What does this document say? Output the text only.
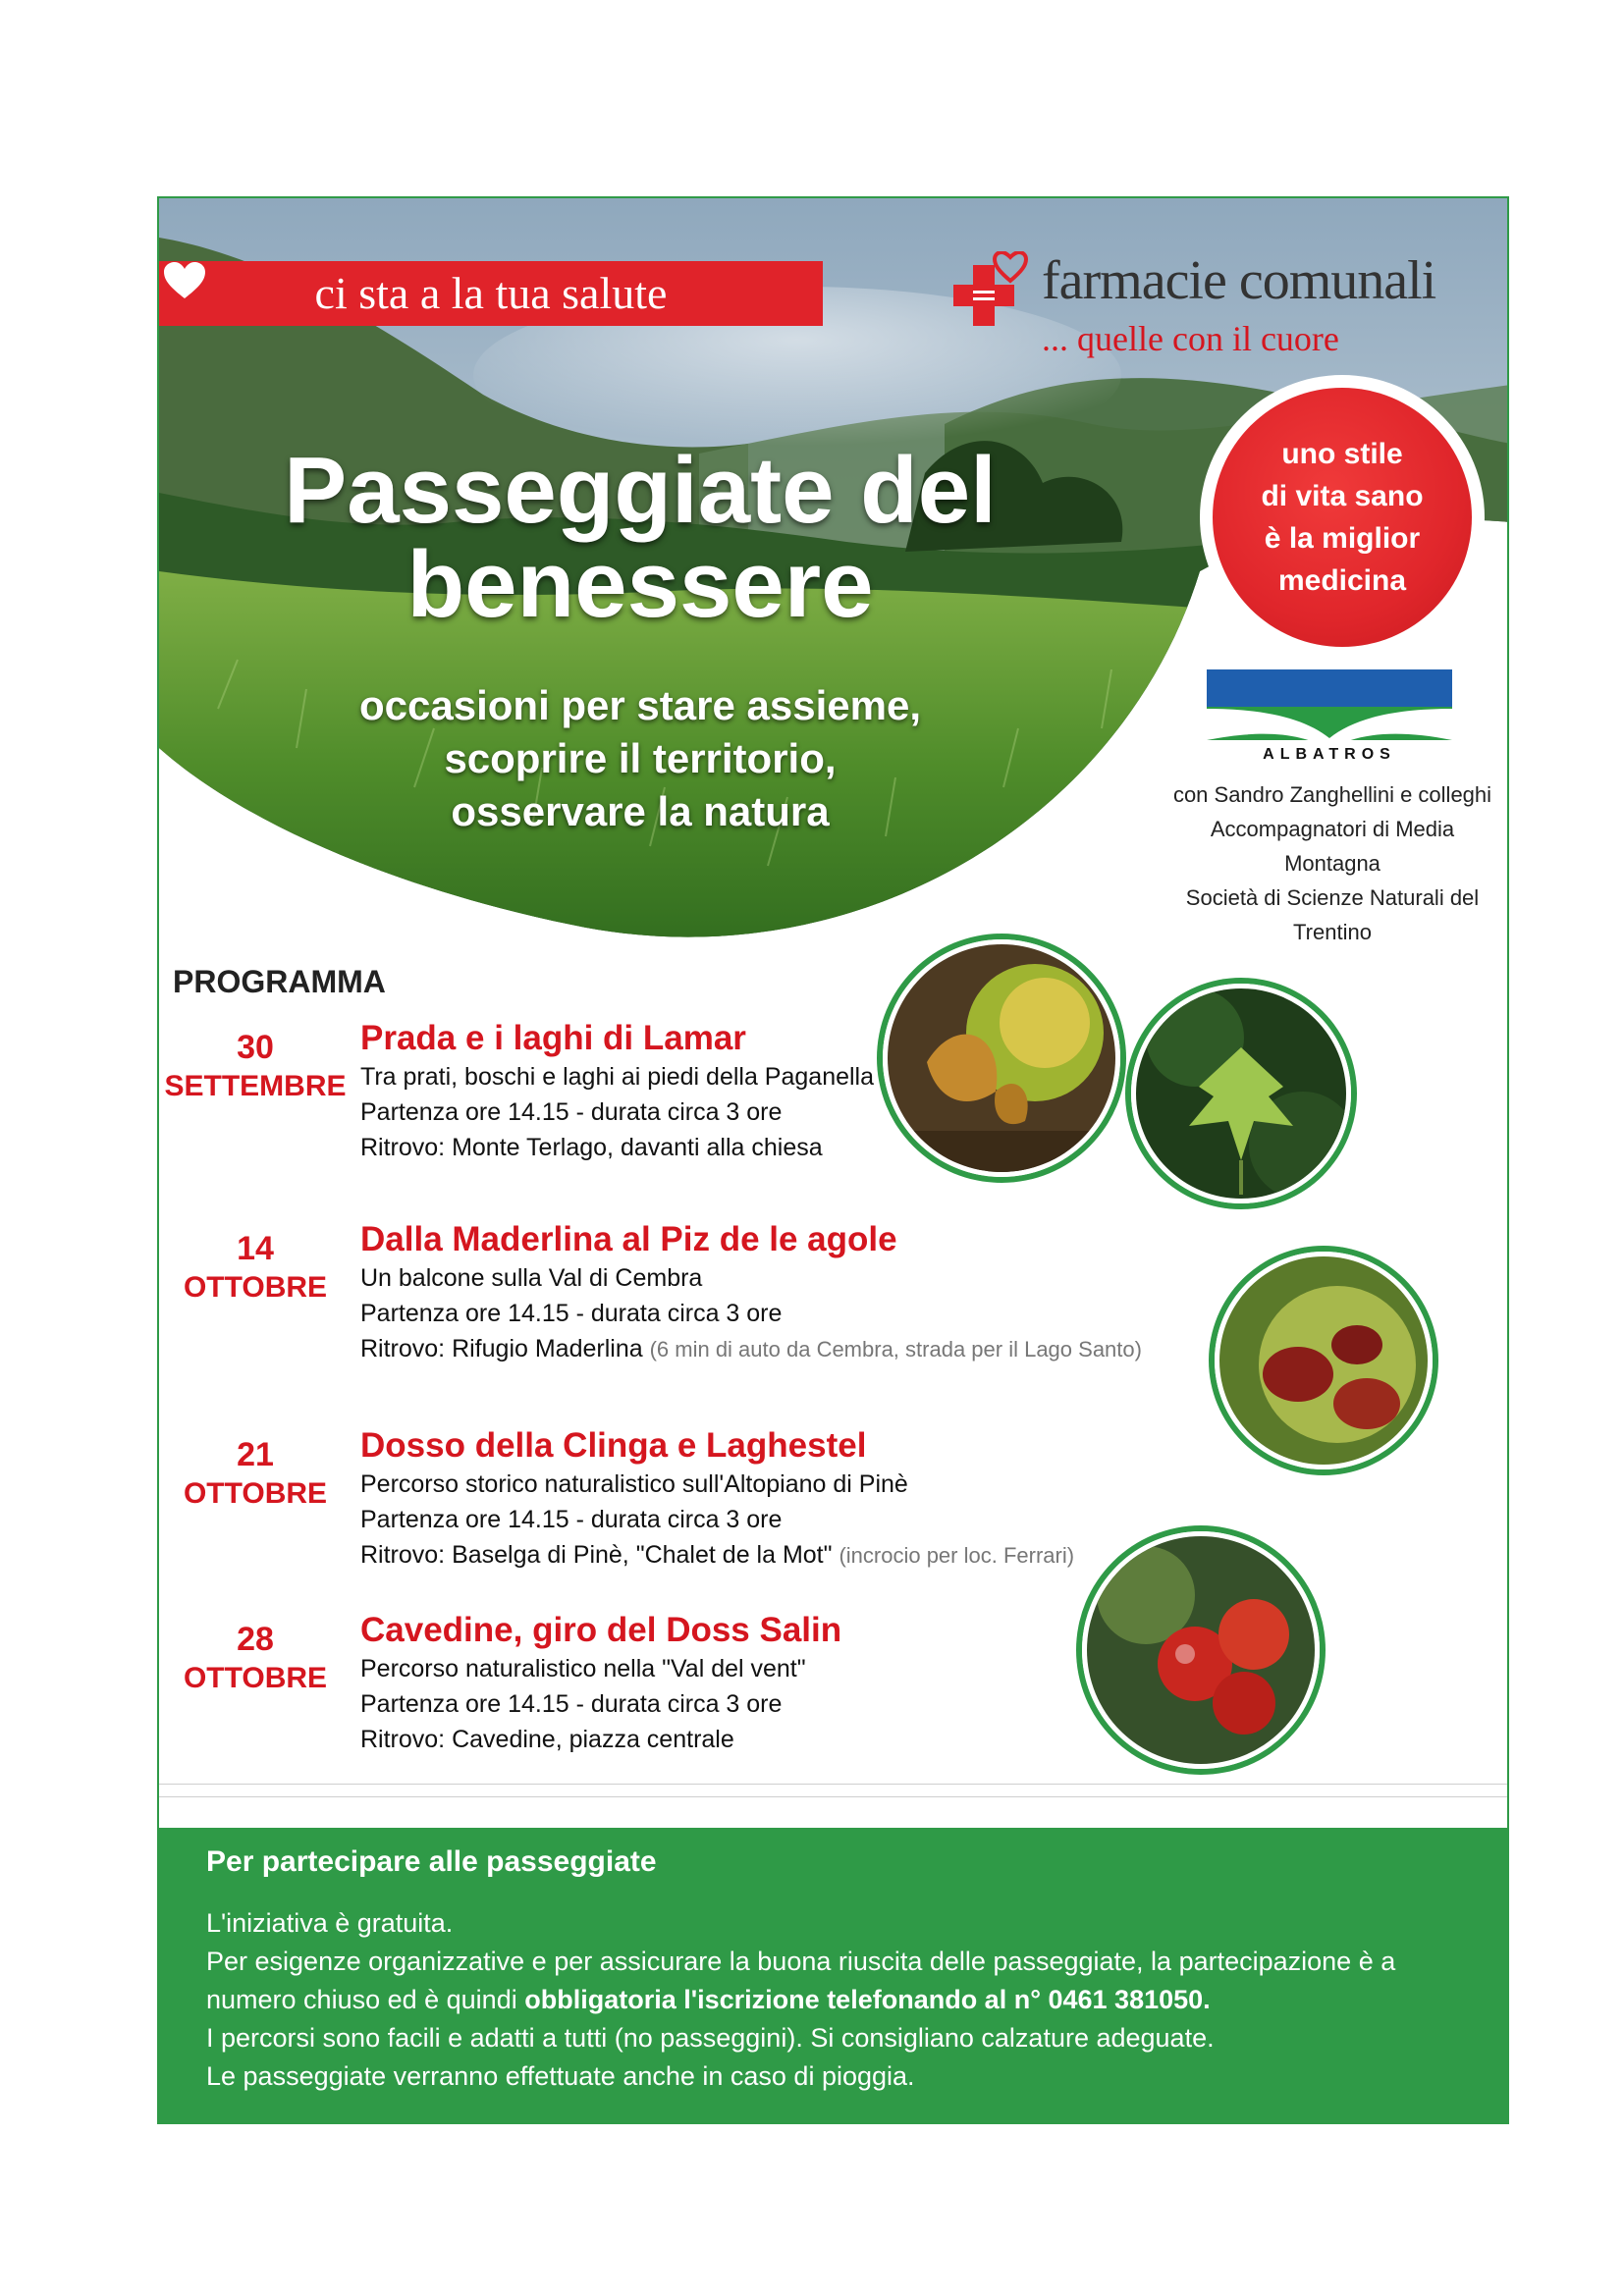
ci sta a la tua salute	farmacie comunali
... quelle con il cuore
uno stile
di vita sano
è la miglior
medicina
Passeggiate del
benessere
occasioni per stare assieme,
scoprire il territorio,
osservare la natura
ALBATROS
con Sandro Zanghellini e colleghi
Accompagnatori di Media Montagna
Società di Scienze Naturali del Trentino
PROGRAMMA
30
SETTEMBRE
Prada e i laghi di Lamar
Tra prati, boschi e laghi ai piedi della Paganella
Partenza ore 14.15 - durata circa 3 ore
Ritrovo: Monte Terlago, davanti alla chiesa
14
OTTOBRE
Dalla Maderlina al Piz de le agole
Un balcone sulla Val di Cembra
Partenza ore 14.15 - durata circa 3 ore
Ritrovo: Rifugio Maderlina (6 min di auto da Cembra, strada per il Lago Santo)
21
OTTOBRE
Dosso della Clinga e Laghestel
Percorso storico naturalistico sull'Altopiano di Pinè
Partenza ore 14.15 - durata circa 3 ore
Ritrovo: Baselga di Pinè, "Chalet de la Mot" (incrocio per loc. Ferrari)
28
OTTOBRE
Cavedine, giro del Doss Salin
Percorso naturalistico nella "Val del vent"
Partenza ore 14.15 - durata circa 3 ore
Ritrovo: Cavedine, piazza centrale
Per partecipare alle passeggiate
L'iniziativa è gratuita.
Per esigenze organizzative e per assicurare la buona riuscita delle passeggiate, la partecipazione è a
numero chiuso ed è quindi obbligatoria l'iscrizione telefonando al n° 0461 381050.
I percorsi sono facili e adatti a tutti (no passeggini). Si consigliano calzature adeguate.
Le passeggiate verranno effettuate anche in caso di pioggia.
